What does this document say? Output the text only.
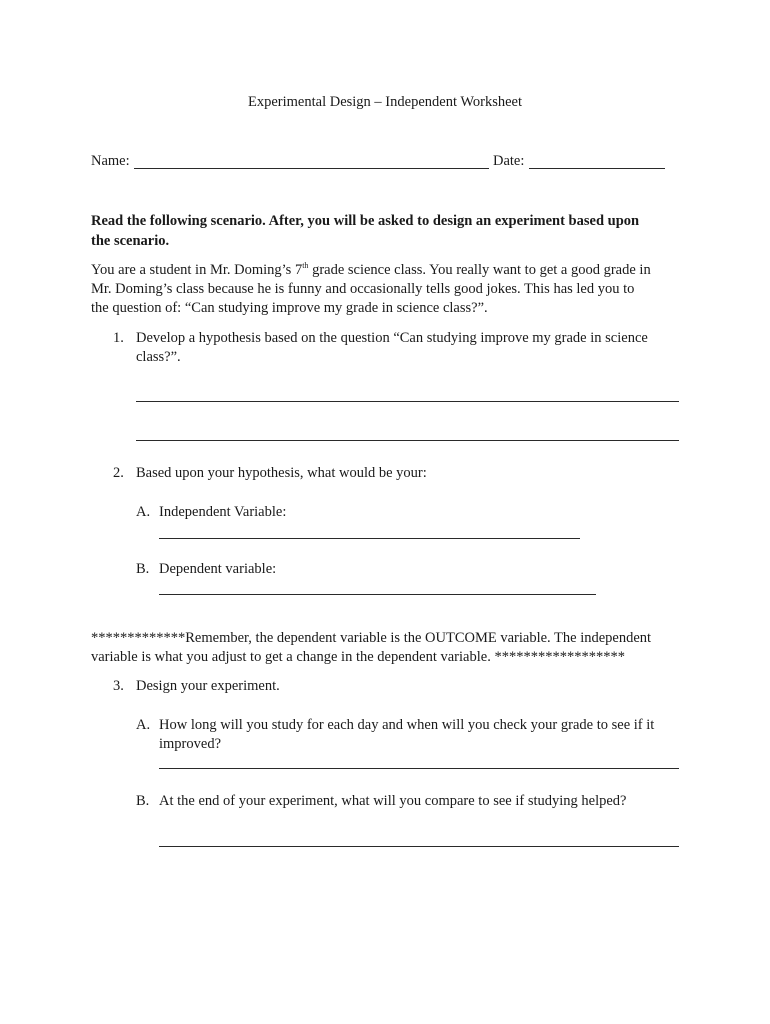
Experimental Design – Independent Worksheet
Name:	Date:
Read the following scenario. After, you will be asked to design an experiment based upon
the scenario.
You are a student in Mr. Doming’s 7th grade science class. You really want to get a good grade in
Mr. Doming’s class because he is funny and occasionally tells good jokes. This has led you to
the question of: “Can studying improve my grade in science class?”.
1. Develop a hypothesis based on the question “Can studying improve my grade in science
class?”.
2. Based upon your hypothesis, what would be your:
A. Independent Variable:
B. Dependent variable:
*************Remember, the dependent variable is the OUTCOME variable. The independent
variable is what you adjust to get a change in the dependent variable. ******************
3. Design your experiment.
A. How long will you study for each day and when will you check your grade to see if it
improved?
B. At the end of your experiment, what will you compare to see if studying helped?
